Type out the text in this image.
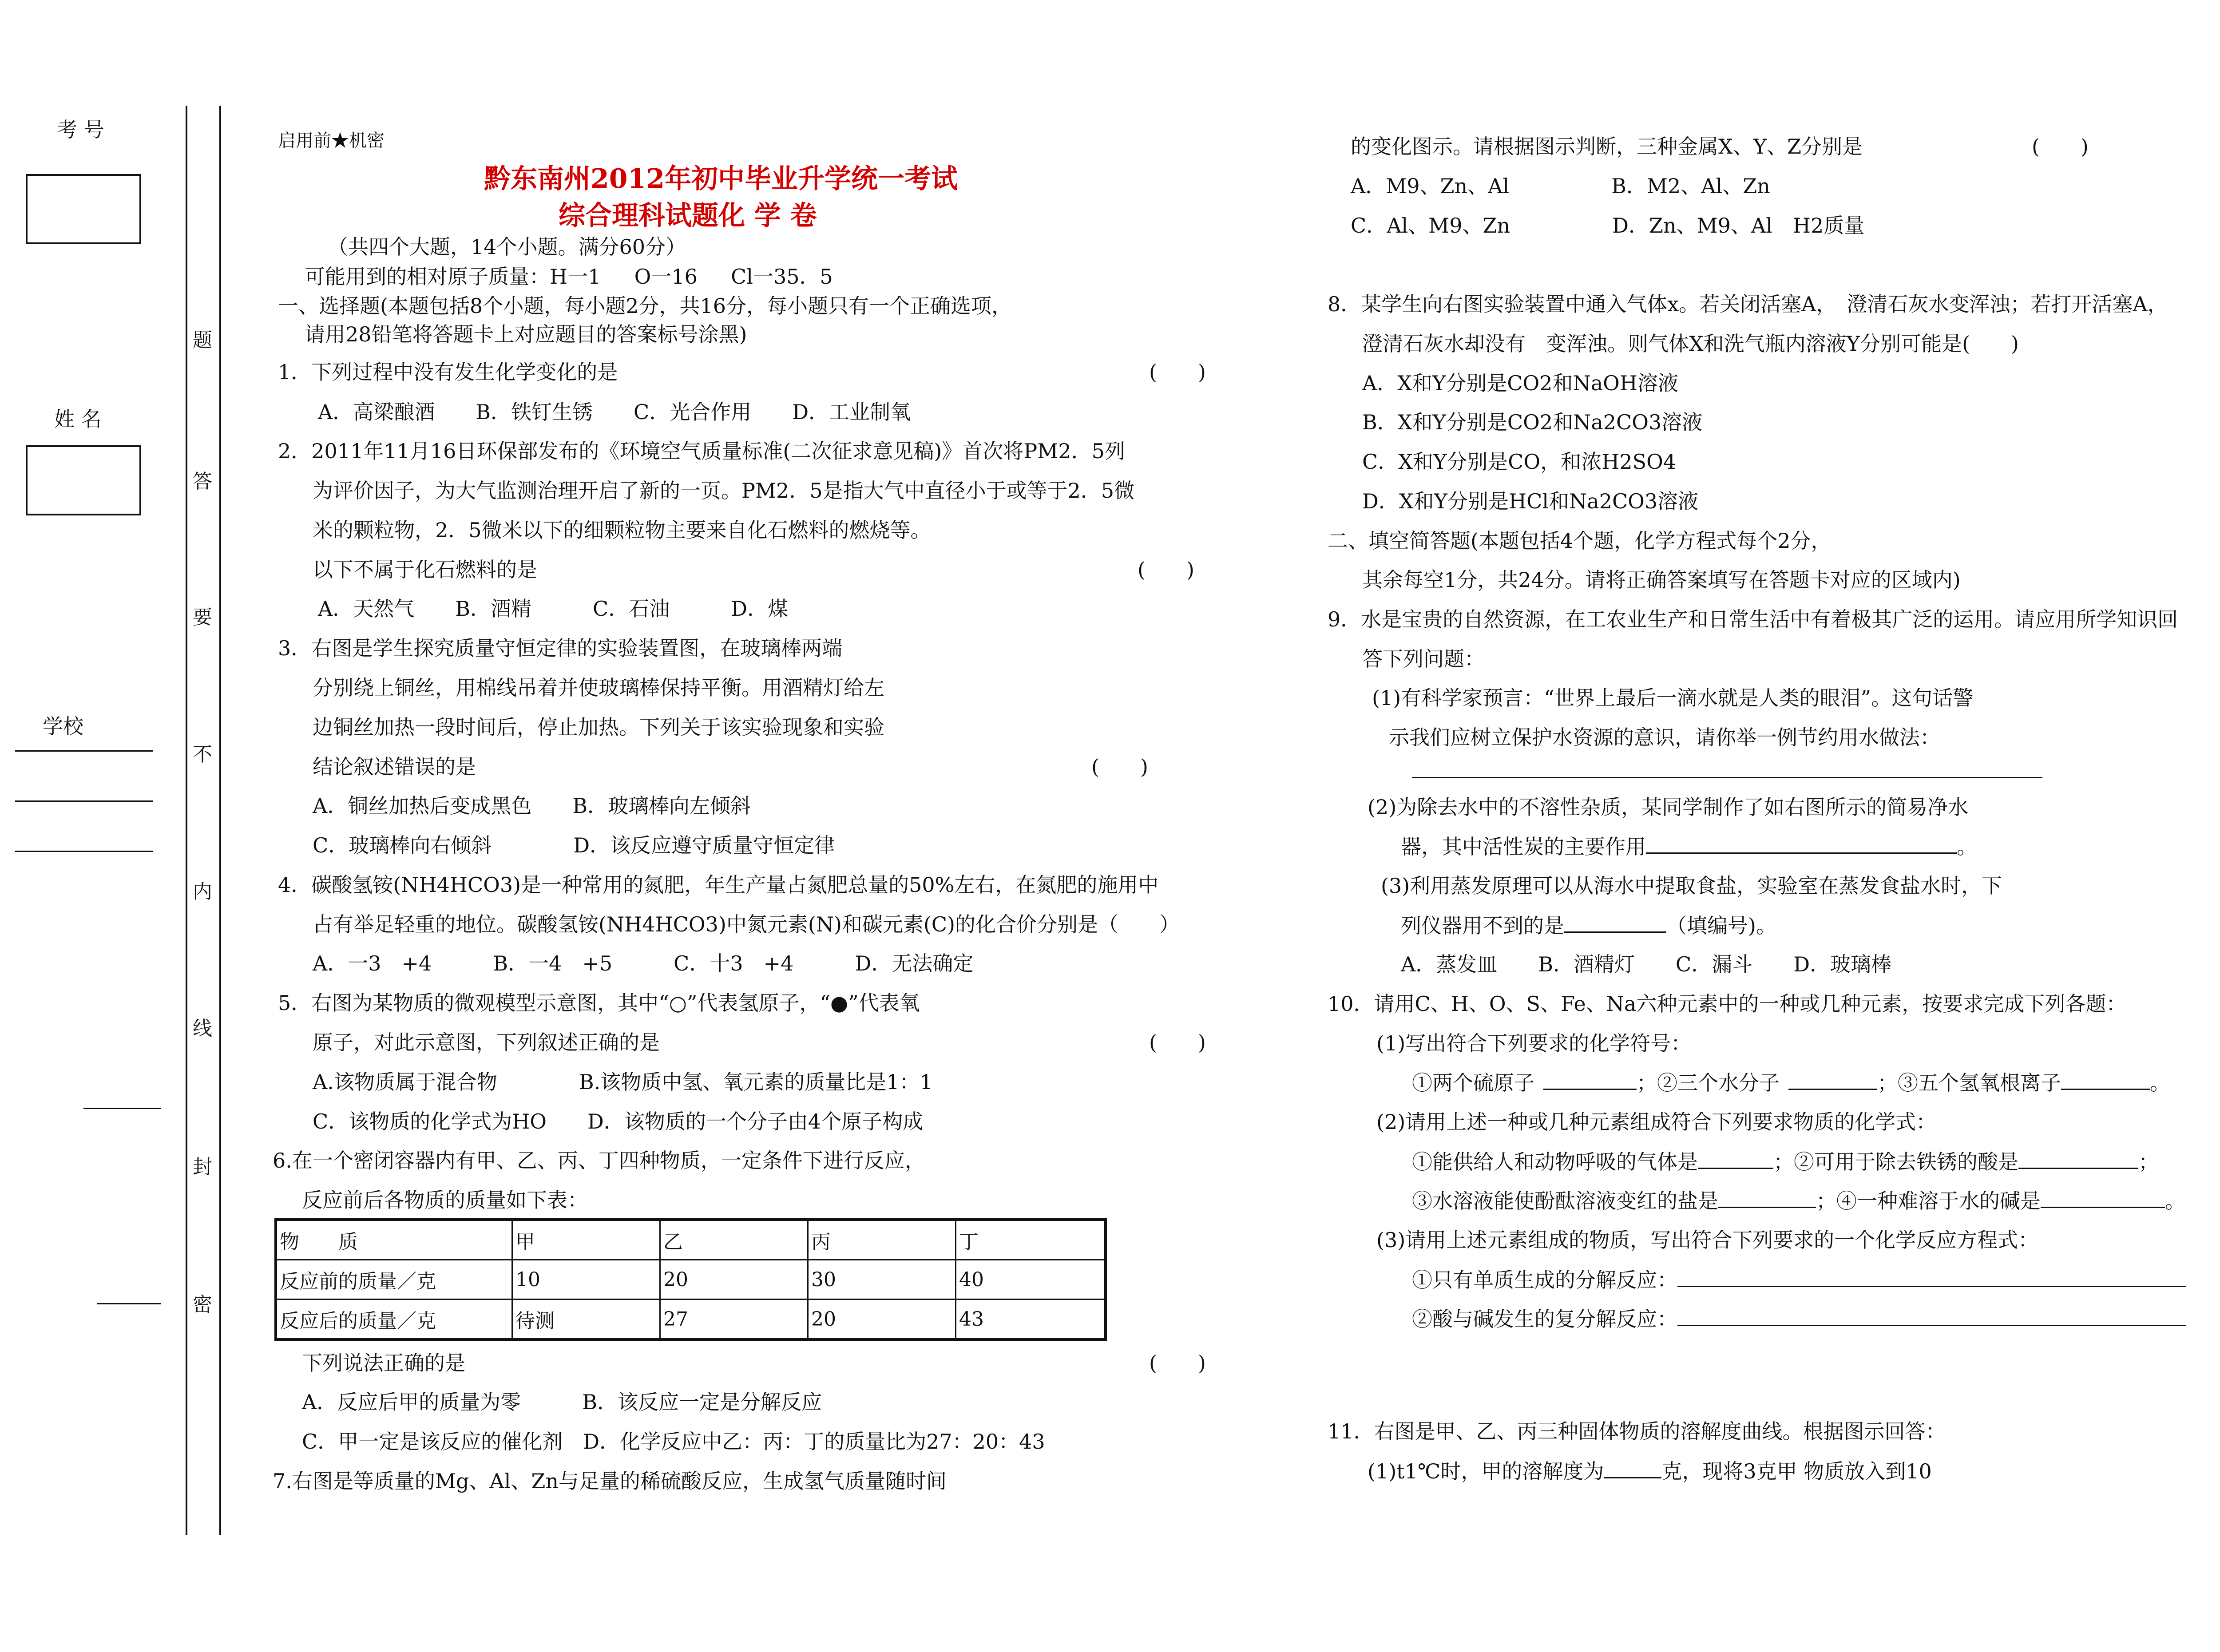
考 号
姓 名
学校
题
答
要
不
内
线
封
密
启用前★机密
黔东南州2012年初中毕业升学统一考试
综合理科试题化 学 卷
（共四个大题，14个小题。满分60分）
可能用到的相对原子质量：H一1 　 O一16 　 Cl一35．5
一、选择题(本题包括8个小题，每小题2分，共16分，每小题只有一个正确选项，
请用28铅笔将答题卡上对应题目的答案标号涂黑)
1．下列过程中没有发生化学变化的是	(　　)
A．高梁酿酒　　B．铁钉生锈　　C．光合作用　　D．工业制氧
2．2011年11月16日环保部发布的《环境空气质量标准(二次征求意见稿)》首次将PM2．5列
为评价因子，为大气监测治理开启了新的一页。PM2．5是指大气中直径小于或等于2．5微
米的颗粒物，2．5微米以下的细颗粒物主要来自化石燃料的燃烧等。
以下不属于化石燃料的是	(　　)
A．天然气　　B．酒精　　　C．石油　　　D．煤
3．右图是学生探究质量守恒定律的实验装置图，在玻璃棒两端
分别绕上铜丝，用棉线吊着并使玻璃棒保持平衡。用酒精灯给左
边铜丝加热一段时间后，停止加热。下列关于该实验现象和实验
结论叙述错误的是	(　　)
A．铜丝加热后变成黑色　　B．玻璃棒向左倾斜
C．玻璃棒向右倾斜　　　　D．该反应遵守质量守恒定律
4．碳酸氢铵(NH4HCO3)是一种常用的氮肥，年生产量占氮肥总量的50%左右，在氮肥的施用中
占有举足轻重的地位。碳酸氢铵(NH4HCO3)中氮元素(N)和碳元素(C)的化合价分别是（　　）
A．一3　+4　　　B．一4　+5　　　C．十3　+4　　　D．无法确定
5．右图为某物质的微观模型示意图，其中“○”代表氢原子，“●”代表氧
原子，对此示意图，下列叙述正确的是	(　　)
A.该物质属于混合物　　　　B.该物质中氢、氧元素的质量比是1：1
C．该物质的化学式为HO　　D．该物质的一个分子由4个原子构成
6.在一个密闭容器内有甲、乙、丙、丁四种物质，一定条件下进行反应，
反应前后各物质的质量如下表：
物　　质	甲	乙	丙	丁
反应前的质量／克	10	20	30	40
反应后的质量／克	待测	27	20	43
下列说法正确的是	(　　)
A．反应后甲的质量为零　　　B．该反应一定是分解反应
C．甲一定是该反应的催化剂　D．化学反应中乙：丙：丁的质量比为27：20：43
7.右图是等质量的Mg、Al、Zn与足量的稀硫酸反应，生成氢气质量随时间
的变化图示。请根据图示判断，三种金属X、Y、Z分别是	(　　)
A．M9、Zn、Al　　　　　B．M2、Al、Zn
C．Al、M9、Zn　　　　　D．Zn、M9、Al　H2质量
8．某学生向右图实验装置中通入气体x。若关闭活塞A，　澄清石灰水变浑浊；若打开活塞A，
澄清石灰水却没有　变浑浊。则气体X和洗气瓶内溶液Y分别可能是(　　)
A．X和Y分别是CO2和NaOH溶液
B．X和Y分别是CO2和Na2CO3溶液
C．X和Y分别是CO，和浓H2SO4
D．X和Y分别是HCl和Na2CO3溶液
二、填空简答题(本题包括4个题，化学方程式每个2分，
其余每空1分，共24分。请将正确答案填写在答题卡对应的区域内)
9．水是宝贵的自然资源，在工农业生产和日常生活中有着极其广泛的运用。请应用所学知识回
答下列问题：
(1)有科学家预言：“世界上最后一滴水就是人类的眼泪”。这句话警
示我们应树立保护水资源的意识，请你举一例节约用水做法：
(2)为除去水中的不溶性杂质，某同学制作了如右图所示的简易净水
器，其中活性炭的主要作用	。
(3)利用蒸发原理可以从海水中提取食盐，实验室在蒸发食盐水时，下
列仪器用不到的是	（填编号)。
A．蒸发皿　　B．酒精灯　　C．漏斗　　D．玻璃棒
10．请用C、H、O、S、Fe、Na六种元素中的一种或几种元素，按要求完成下列各题：
(1)写出符合下列要求的化学符号：
①两个硫原子	；②三个水分子	；③五个氢氧根离子	。
(2)请用上述一种或几种元素组成符合下列要求物质的化学式：
①能供给人和动物呼吸的气体是	；②可用于除去铁锈的酸是	；
③水溶液能使酚酞溶液变红的盐是	；④一种难溶于水的碱是	。
(3)请用上述元素组成的物质，写出符合下列要求的一个化学反应方程式：
①只有单质生成的分解反应：
②酸与碱发生的复分解反应：
11．右图是甲、乙、丙三种固体物质的溶解度曲线。根据图示回答：
(1)t1℃时，甲的溶解度为	克，现将3克甲 物质放入到10
